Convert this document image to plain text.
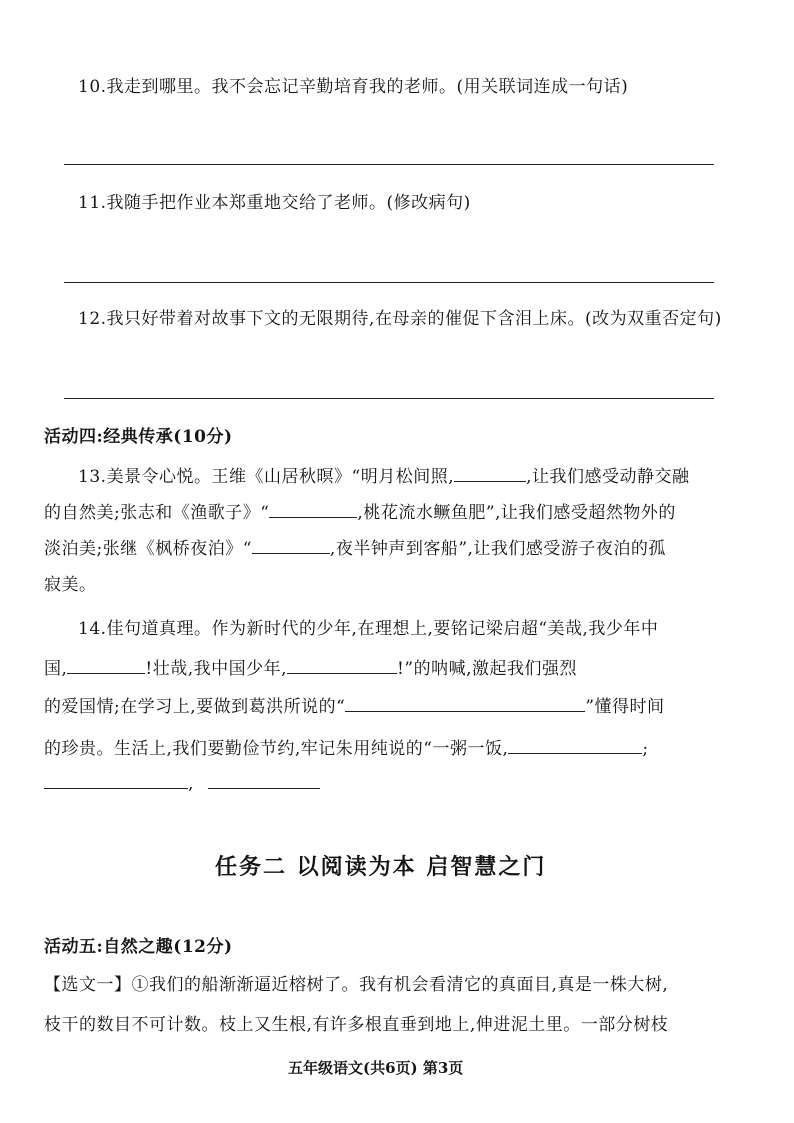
10.我走到哪里。我不会忘记辛勤培育我的老师。(用关联词连成一句话)
11.我随手把作业本郑重地交给了老师。(修改病句)
12.我只好带着对故事下文的无限期待,在母亲的催促下含泪上床。(改为双重否定句)
活动四:经典传承(10分)
13.美景令心悦。王维《山居秋暝》“明月松间照,	,让我们感受动静交融
的自然美;张志和《渔歌子》“	,桃花流水鳜鱼肥”,让我们感受超然物外的
淡泊美;张继《枫桥夜泊》“	,夜半钟声到客船”,让我们感受游子夜泊的孤
寂美。
14.佳句道真理。作为新时代的少年,在理想上,要铭记梁启超“美哉,我少年中
国,	!壮哉,我中国少年,	!”的呐喊,激起我们强烈
的爱国情;在学习上,要做到葛洪所说的“	”懂得时间
的珍贵。生活上,我们要勤俭节约,牢记朱用纯说的“一粥一饭,	;
,
任务二 以阅读为本 启智慧之门
活动五:自然之趣(12分)
【选文一】①我们的船渐渐逼近榕树了。我有机会看清它的真面目,真是一株大树,
枝干的数目不可计数。枝上又生根,有许多根直垂到地上,伸进泥土里。一部分树枝
五年级语文(共6页) 第3页
